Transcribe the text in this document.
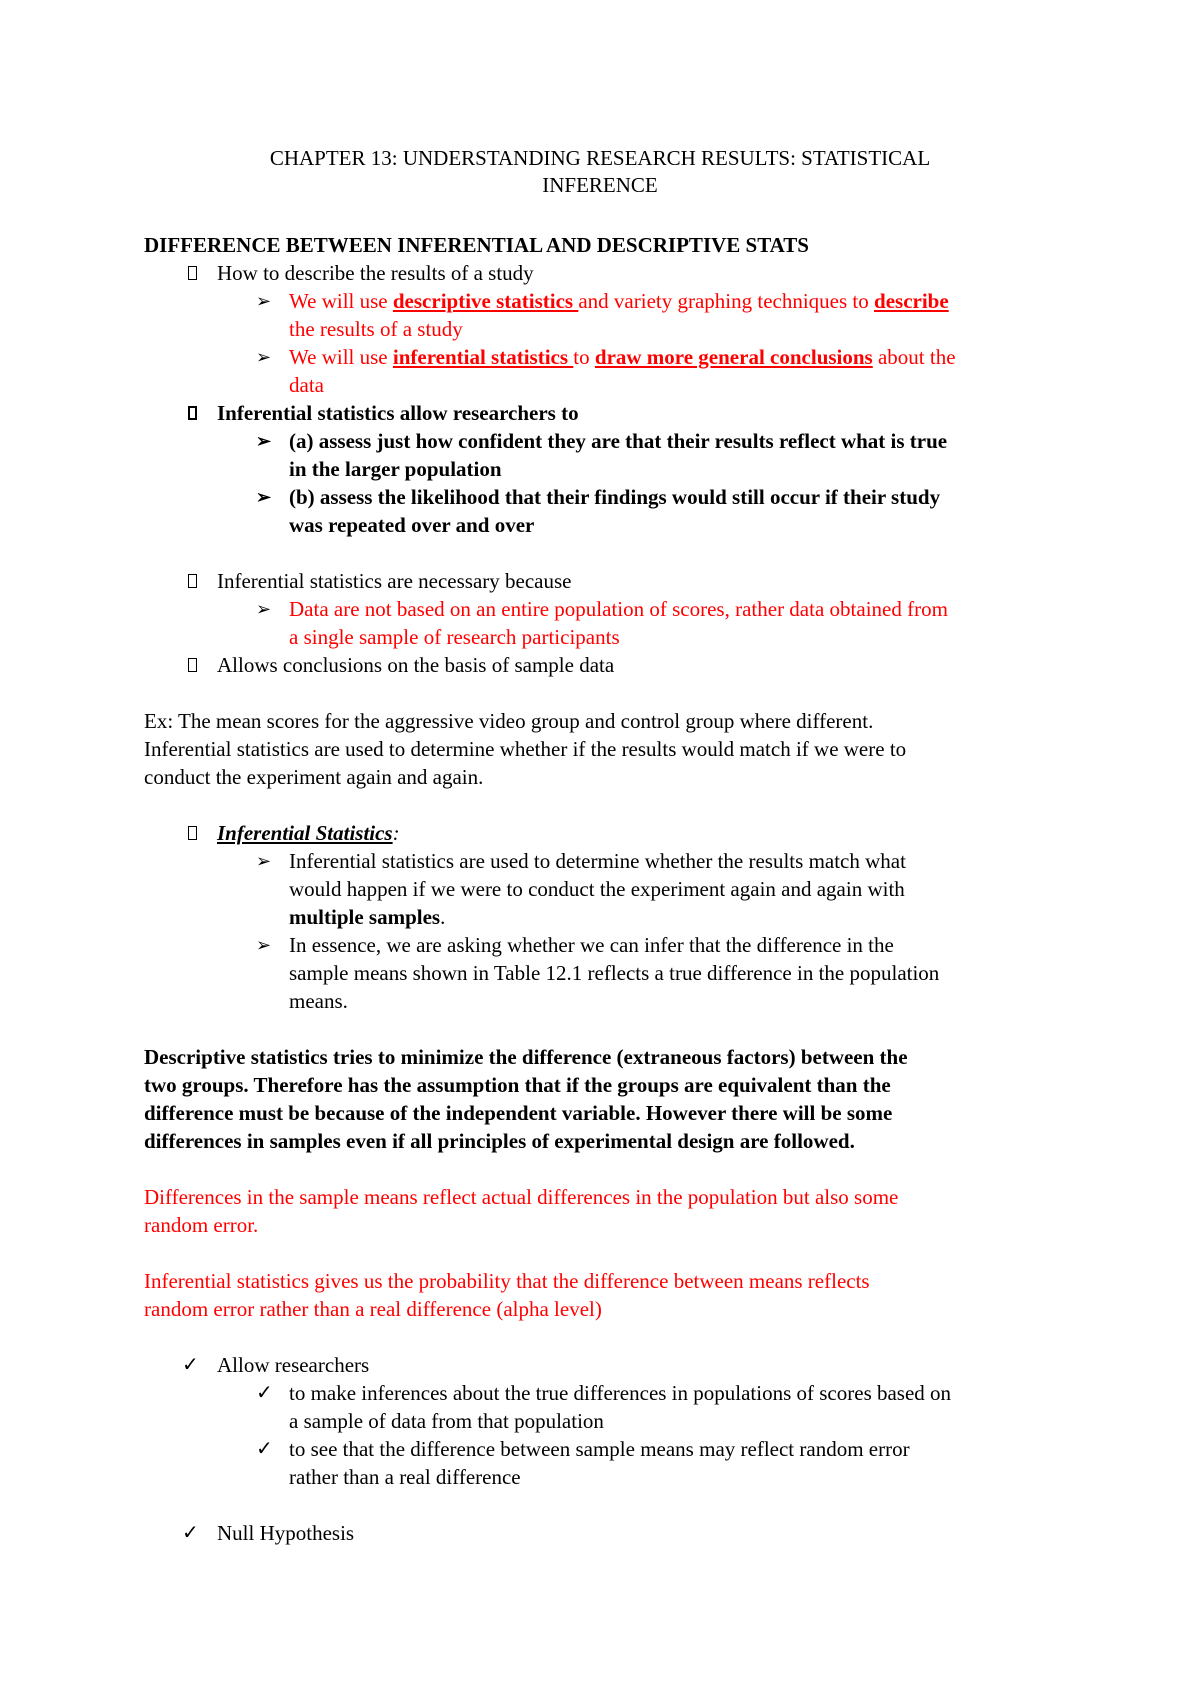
CHAPTER 13: UNDERSTANDING RESEARCH RESULTS: STATISTICAL
INFERENCE
DIFFERENCE BETWEEN INFERENTIAL AND DESCRIPTIVE STATS
How to describe the results of a study
➢ We will use descriptive statistics and variety graphing techniques to describe
the results of a study
➢ We will use inferential statistics to draw more general conclusions about the
data
Inferential statistics allow researchers to
➢ (a) assess just how confident they are that their results reflect what is true
in the larger population
➢ (b) assess the likelihood that their findings would still occur if their study
was repeated over and over
Inferential statistics are necessary because
➢ Data are not based on an entire population of scores, rather data obtained from
a single sample of research participants
Allows conclusions on the basis of sample data
Ex: The mean scores for the aggressive video group and control group where different.
Inferential statistics are used to determine whether if the results would match if we were to
conduct the experiment again and again.
Inferential Statistics:
➢ Inferential statistics are used to determine whether the results match what
would happen if we were to conduct the experiment again and again with
multiple samples.
➢ In essence, we are asking whether we can infer that the difference in the
sample means shown in Table 12.1 reflects a true difference in the population
means.
Descriptive statistics tries to minimize the difference (extraneous factors) between the
two groups. Therefore has the assumption that if the groups are equivalent than the
difference must be because of the independent variable. However there will be some
differences in samples even if all principles of experimental design are followed.
Differences in the sample means reflect actual differences in the population but also some
random error.
Inferential statistics gives us the probability that the difference between means reflects
random error rather than a real difference (alpha level)
✓ Allow researchers
✓ to make inferences about the true differences in populations of scores based on
a sample of data from that population
✓ to see that the difference between sample means may reflect random error
rather than a real difference
✓ Null Hypothesis
